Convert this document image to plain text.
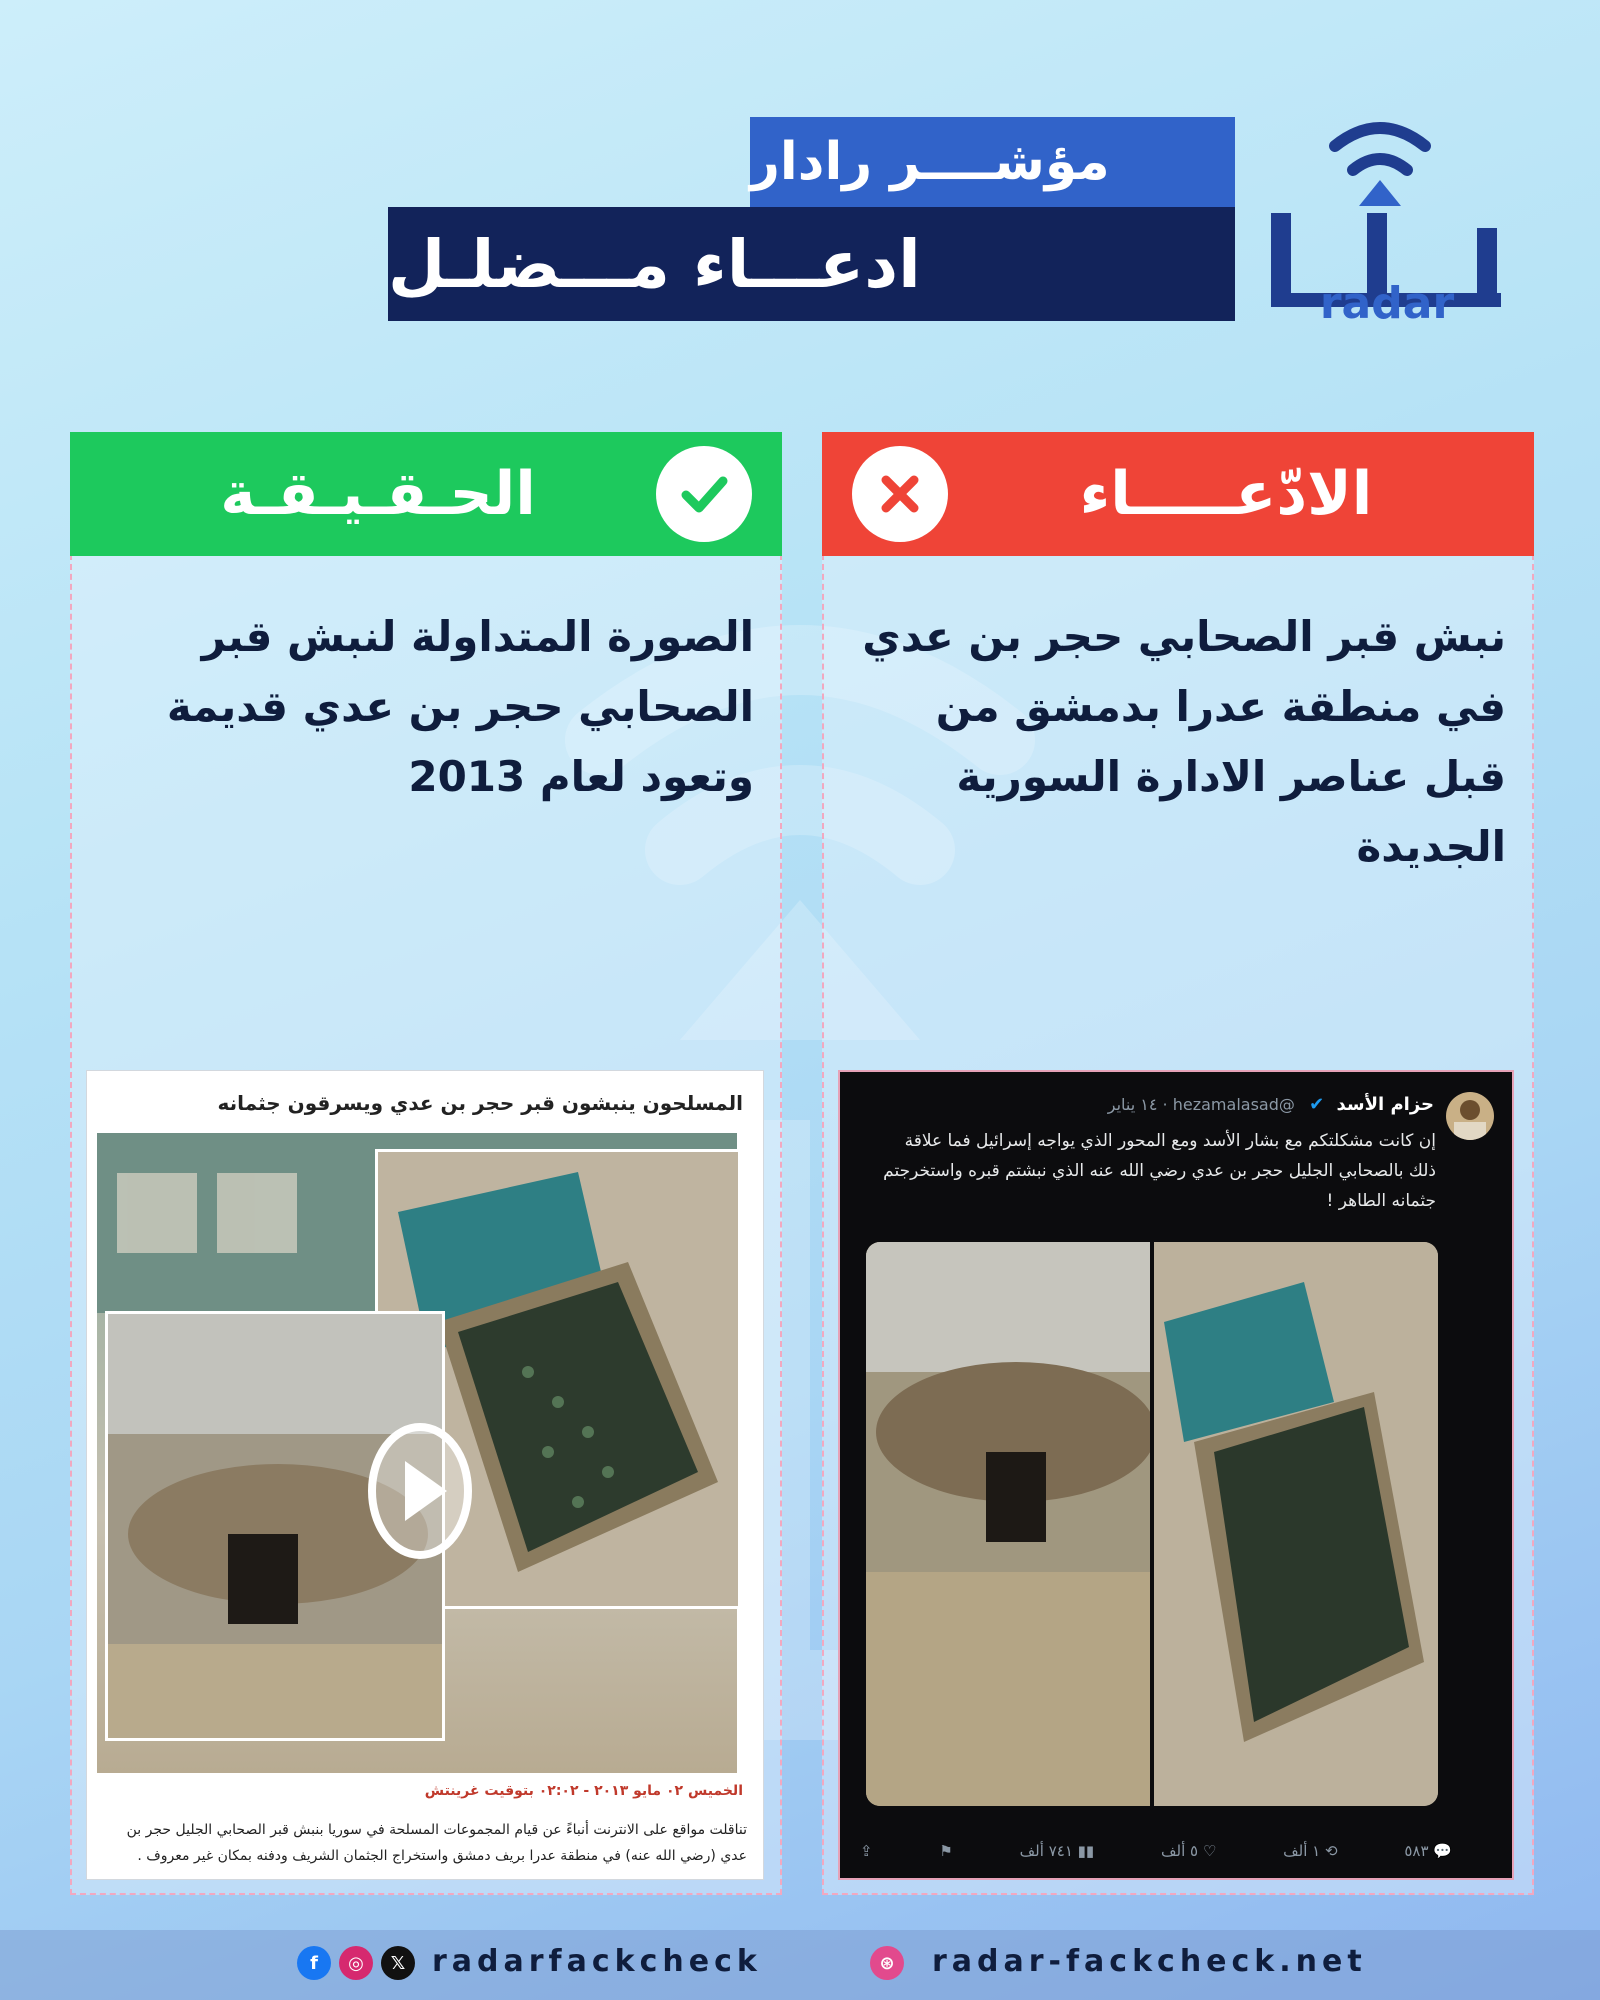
مؤشــــر رادار
ادعـــاء مـــضلـل
radar
الحـقـيـقـة
الصورة المتداولة لنبش قبر الصحابي حجر بن عدي قديمة وتعود لعام 2013
الادّعـــــاء
نبش قبر الصحابي حجر بن عدي في منطقة عدرا بدمشق من قبل عناصر الادارة السورية الجديدة
المسلحون ينبشون قبر حجر بن عدي ويسرقون جثمانه
الخميس ٠٢ مايو ٢٠١٣ - ٠٢:٠٢ بتوقيت غرينتش
تناقلت مواقع على الانترنت أنباءً عن قيام المجموعات المسلحة في سوريا بنبش قبر الصحابي الجليل حجر بن عدي (رضي الله عنه) في منطقة عدرا بريف دمشق واستخراج الجثمان الشريف ودفنه بمكان غير معروف .
حزام الأسد ✔ @hezamalasad · ١٤ يناير
إن كانت مشكلتكم مع بشار الأسد ومع المحور الذي يواجه إسرائيل فما علاقة ذلك بالصحابي الجليل حجر بن عدي رضي الله عنه الذي نبشتم قبره واستخرجتم جثمانه الطاهر !
💬 ٥٨٣
⟲ ١ ألف
♡ ٥ ألف
▮▮ ٧٤١ ألف
⚑
⇪
f	◎	𝕏 radarfackcheck	⊛	radar-fackcheck.net
